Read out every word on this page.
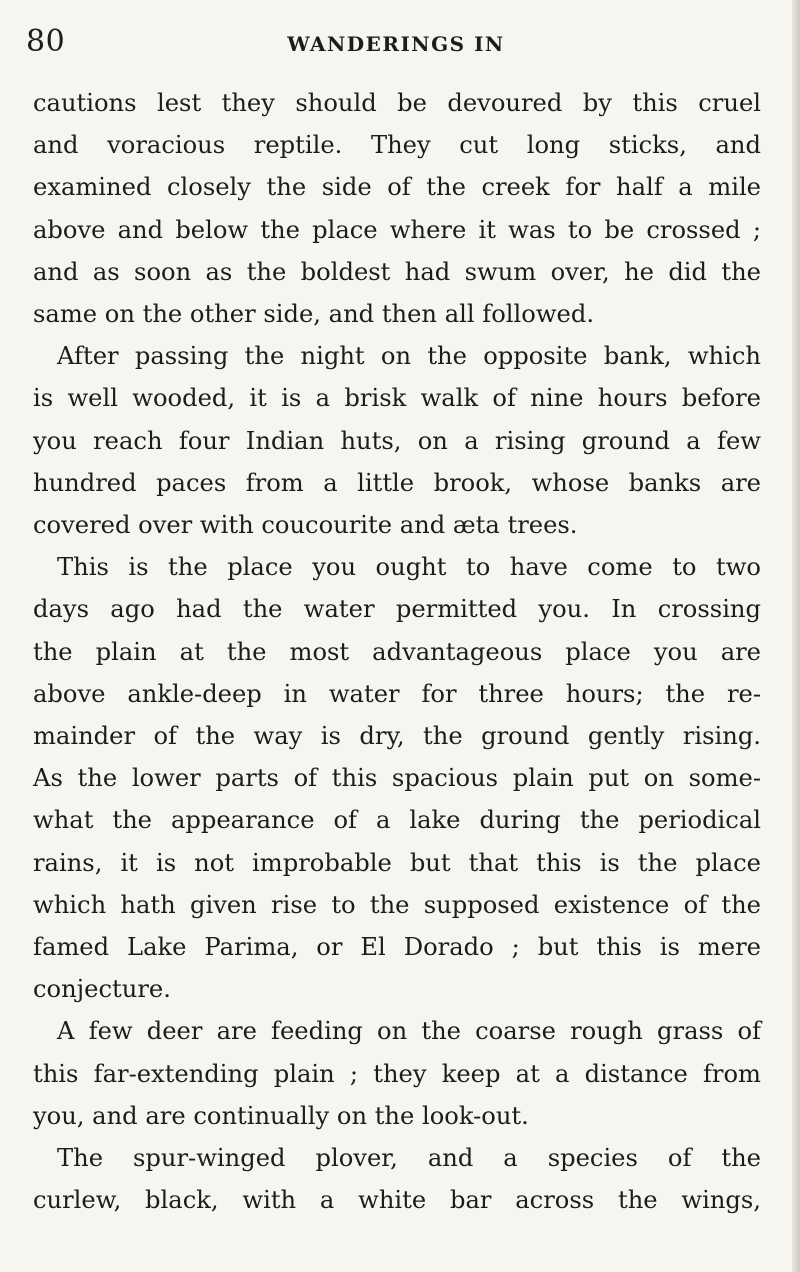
80	WANDERINGS IN
cautions lest they should be devoured by this cruel
and voracious reptile. They cut long sticks, and
examined closely the side of the creek for half a mile
above and below the place where it was to be crossed ;
and as soon as the boldest had swum over, he did the
same on the other side, and then all followed.
After passing the night on the opposite bank, which
is well wooded, it is a brisk walk of nine hours before
you reach four Indian huts, on a rising ground a few
hundred paces from a little brook, whose banks are
covered over with coucourite and æta trees.
This is the place you ought to have come to two
days ago had the water permitted you. In crossing
the plain at the most advantageous place you are
above ankle-deep in water for three hours; the re-
mainder of the way is dry, the ground gently rising.
As the lower parts of this spacious plain put on some-
what the appearance of a lake during the periodical
rains, it is not improbable but that this is the place
which hath given rise to the supposed existence of the
famed Lake Parima, or El Dorado ; but this is mere
conjecture.
A few deer are feeding on the coarse rough grass of
this far-extending plain ; they keep at a distance from
you, and are continually on the look-out.
The spur-winged plover, and a species of the
curlew, black, with a white bar across the wings,
